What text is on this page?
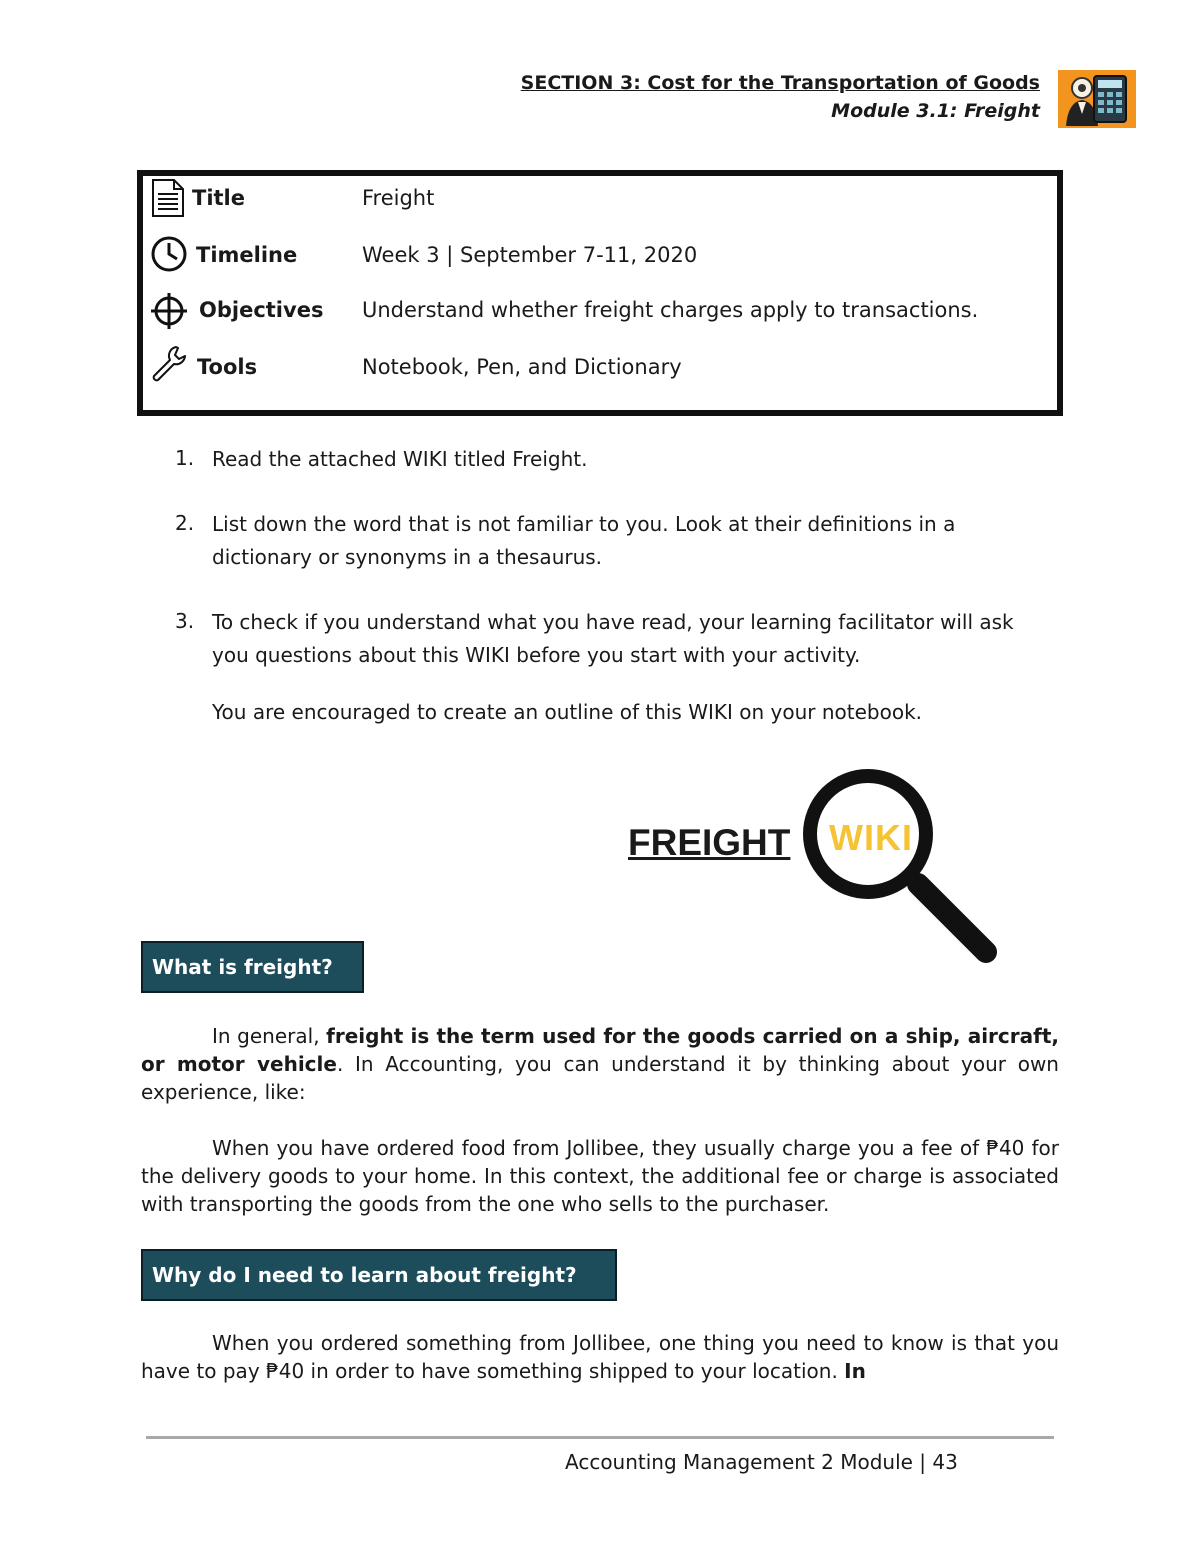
SECTION 3: Cost for the Transportation of Goods
Module 3.1: Freight
Title	Freight
Timeline	Week 3 | September 7-11, 2020
Objectives Understand whether freight charges apply to transactions.
Tools	Notebook, Pen, and Dictionary
1. Read the attached WIKI titled Freight.
2. List down the word that is not familiar to you. Look at their definitions in a dictionary or synonyms in a thesaurus.
3. To check if you understand what you have read, your learning facilitator will ask you questions about this WIKI before you start with your activity.
You are encouraged to create an outline of this WIKI on your notebook.
FREIGHT WIKI
What is freight?
In general, freight is the term used for the goods carried on a ship, aircraft, or motor vehicle. In Accounting, you can understand it by thinking about your own experience, like:
When you have ordered food from Jollibee, they usually charge you a fee of ₱40 for the delivery goods to your home. In this context, the additional fee or charge is associated with transporting the goods from the one who sells to the purchaser.
Why do I need to learn about freight?
When you ordered something from Jollibee, one thing you need to know is that you have to pay ₱40 in order to have something shipped to your location. In
Accounting Management 2 Module | 43
